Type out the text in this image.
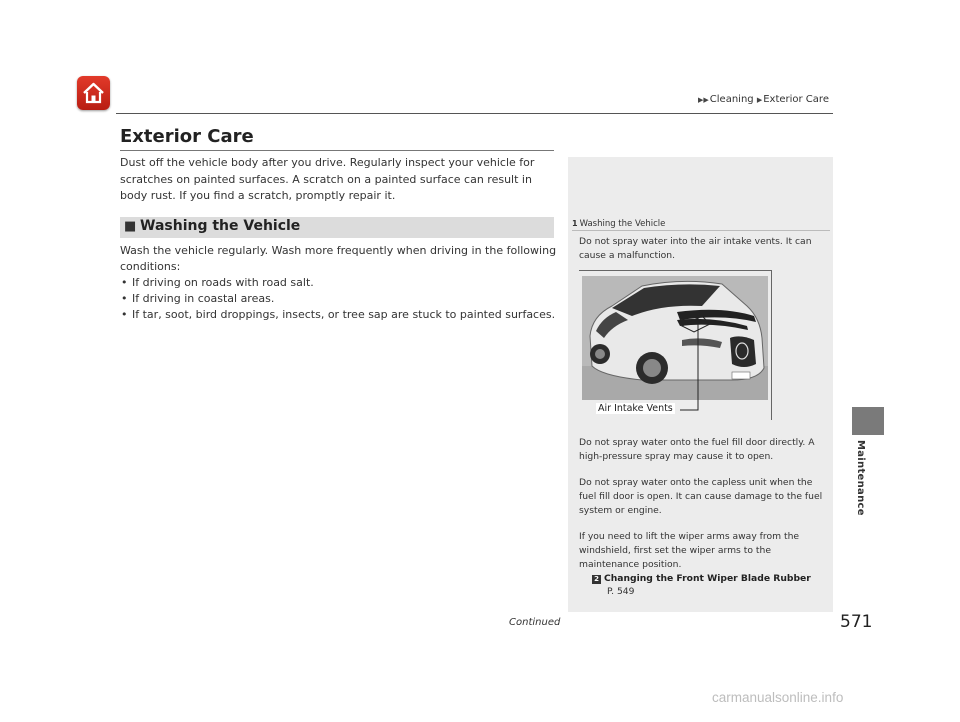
▶▶Cleaning ▶Exterior Care
Exterior Care
Dust off the vehicle body after you drive. Regularly inspect your vehicle for scratches on painted surfaces. A scratch on a painted surface can result in body rust. If you find a scratch, promptly repair it.
■ Washing the Vehicle
Wash the vehicle regularly. Wash more frequently when driving in the following conditions:
• If driving on roads with road salt.
• If driving in coastal areas.
• If tar, soot, bird droppings, insects, or tree sap are stuck to painted surfaces.
1 Washing the Vehicle
Do not spray water into the air intake vents. It can cause a malfunction.
Air Intake Vents
Do not spray water onto the fuel fill door directly. A high-pressure spray may cause it to open.
Do not spray water onto the capless unit when the fuel fill door is open. It can cause damage to the fuel system or engine.
If you need to lift the wiper arms away from the windshield, first set the wiper arms to the maintenance position.
2 Changing the Front Wiper Blade Rubber
P. 549
Maintenance
Continued	571
carmanualsonline.info
